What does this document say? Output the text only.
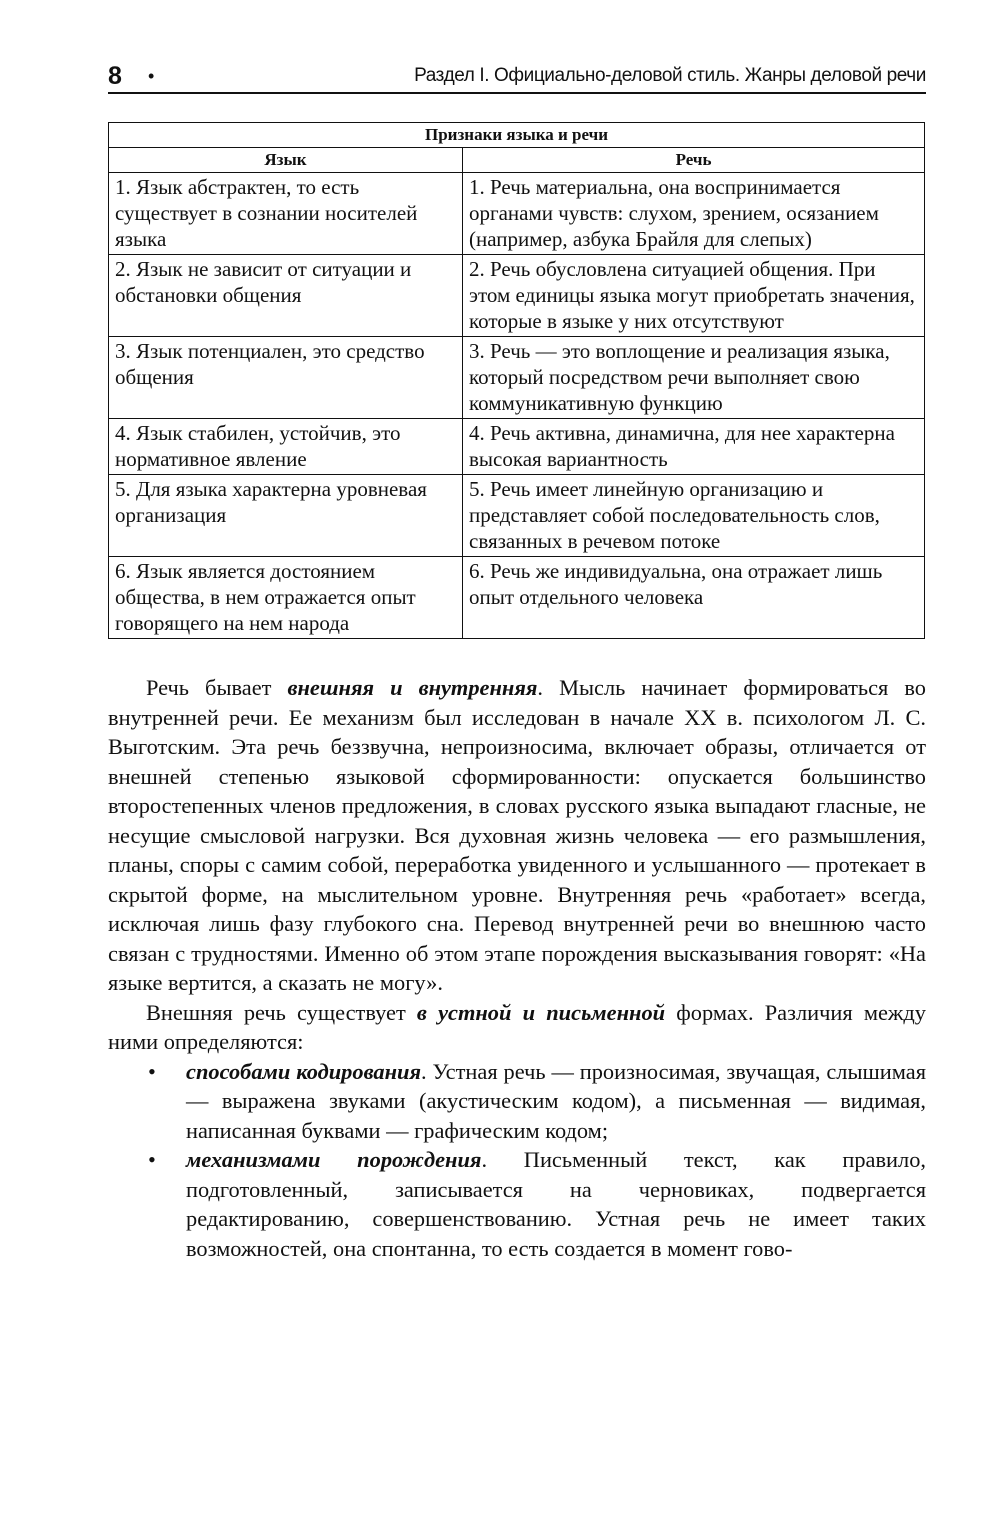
8 •	Раздел I. Официально-деловой стиль. Жанры деловой речи
Признаки языка и речи	
Язык	Речь
1. Язык абстрактен, то есть существует в сознании носителей языка	1. Речь материальна, она воспринимается органами чувств: слухом, зрением, осязанием (например, азбука Брайля для слепых)
2. Язык не зависит от ситуации и обстановки общения	2. Речь обусловлена ситуацией общения. При этом единицы языка могут приобретать значения, которые в языке у них отсутствуют
3. Язык потенциален, это средство общения	3. Речь — это воплощение и реализация языка, который посредством речи выполняет свою коммуникативную функцию
4. Язык стабилен, устойчив, это нормативное явление	4. Речь активна, динамична, для нее характерна высокая вариантность
5. Для языка характерна уровневая организация	5. Речь имеет линейную организацию и представляет собой последовательность слов, связанных в речевом потоке
6. Язык является достоянием общества, в нем отражается опыт говорящего на нем народа	6. Речь же индивидуальна, она отражает лишь опыт отдельного человека

Речь бывает внешняя и внутренняя. Мысль начинает формироваться во внутренней речи. Ее механизм был исследован в начале XX в. психологом Л. С. Выготским. Эта речь беззвучна, непроизносима, включает образы, отличается от внешней степенью языковой сформированности: опускается большинство второстепенных членов предложения, в словах русского языка выпадают гласные, не несущие смысловой нагрузки. Вся духовная жизнь человека — его размышления, планы, споры с самим собой, переработка увиденного и услышанного — протекает в скрытой форме, на мыслительном уровне. Внутренняя речь «работает» всегда, исключая лишь фазу глубокого сна. Перевод внутренней речи во внешнюю часто связан с трудностями. Именно об этом этапе порождения высказывания говорят: «На языке вертится, а сказать не могу».

Внешняя речь существует в устной и письменной формах. Различия между ними определяются:

• способами кодирования. Устная речь — произносимая, звучащая, слышимая — выражена звуками (акустическим кодом), а письменная — видимая, написанная буквами — графическим кодом;
• механизмами порождения. Письменный текст, как правило, подготовленный, записывается на черновиках, подвергается редактированию, совершенствованию. Устная речь не имеет таких возможностей, она спонтанна, то есть создается в момент гово-
